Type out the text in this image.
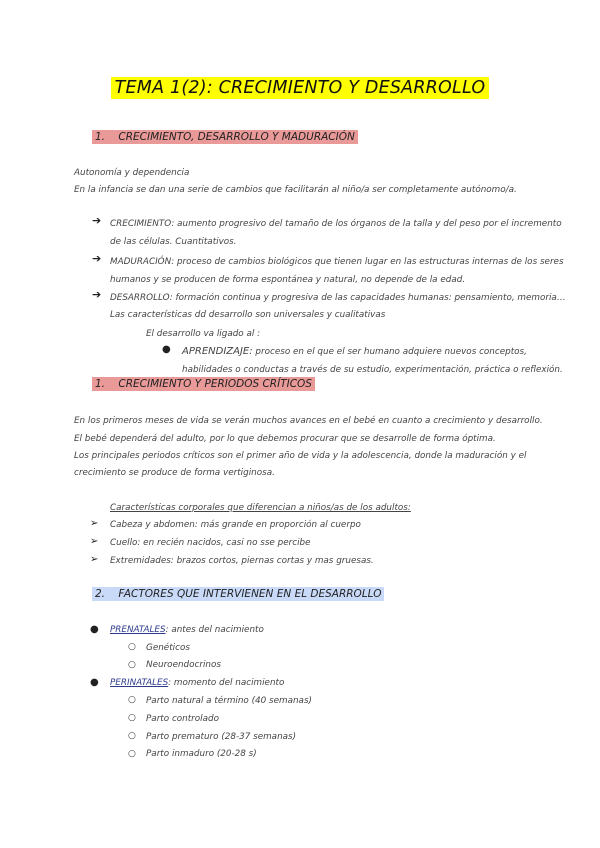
TEMA 1(2): CRECIMIENTO Y DESARROLLO
1. CRECIMIENTO, DESARROLLO Y MADURACIÓN
Autonomía y dependencia
En la infancia se dan una serie de cambios que facilitarán al niño/a ser completamente autónomo/a.
➔ CRECIMIENTO: aumento progresivo del tamaño de los órganos de la talla y del peso por el incremento
de las células. Cuantitativos.
➔ MADURACIÓN: proceso de cambios biológicos que tienen lugar en las estructuras internas de los seres
humanos y se producen de forma espontánea y natural, no depende de la edad.
➔ DESARROLLO: formación continua y progresiva de las capacidades humanas: pensamiento, memoria…
Las características dd desarrollo son universales y cualitativas
El desarrollo va ligado al :
● APRENDIZAJE: proceso en el que el ser humano adquiere nuevos conceptos,
habilidades o conductas a través de su estudio, experimentación, práctica o reflexión.
1. CRECIMIENTO Y PERIODOS CRÍTICOS
En los primeros meses de vida se verán muchos avances en el bebé en cuanto a crecimiento y desarrollo.
El bebé dependerá del adulto, por lo que debemos procurar que se desarrolle de forma óptima.
Los principales periodos críticos son el primer año de vida y la adolescencia, donde la maduración y el
crecimiento se produce de forma vertiginosa.
Características corporales que diferencian a niños/as de los adultos:
➢ Cabeza y abdomen: más grande en proporción al cuerpo
➢ Cuello: en recién nacidos, casi no sse percibe
➢ Extremidades: brazos cortos, piernas cortas y mas gruesas.
2. FACTORES QUE INTERVIENEN EN EL DESARROLLO
● PRENATALES: antes del nacimiento
○ Genéticos
○ Neuroendocrinos
● PERINATALES: momento del nacimiento
○ Parto natural a término (40 semanas)
○ Parto controlado
○ Parto prematuro (28-37 semanas)
○ Parto inmaduro (20-28 s)
